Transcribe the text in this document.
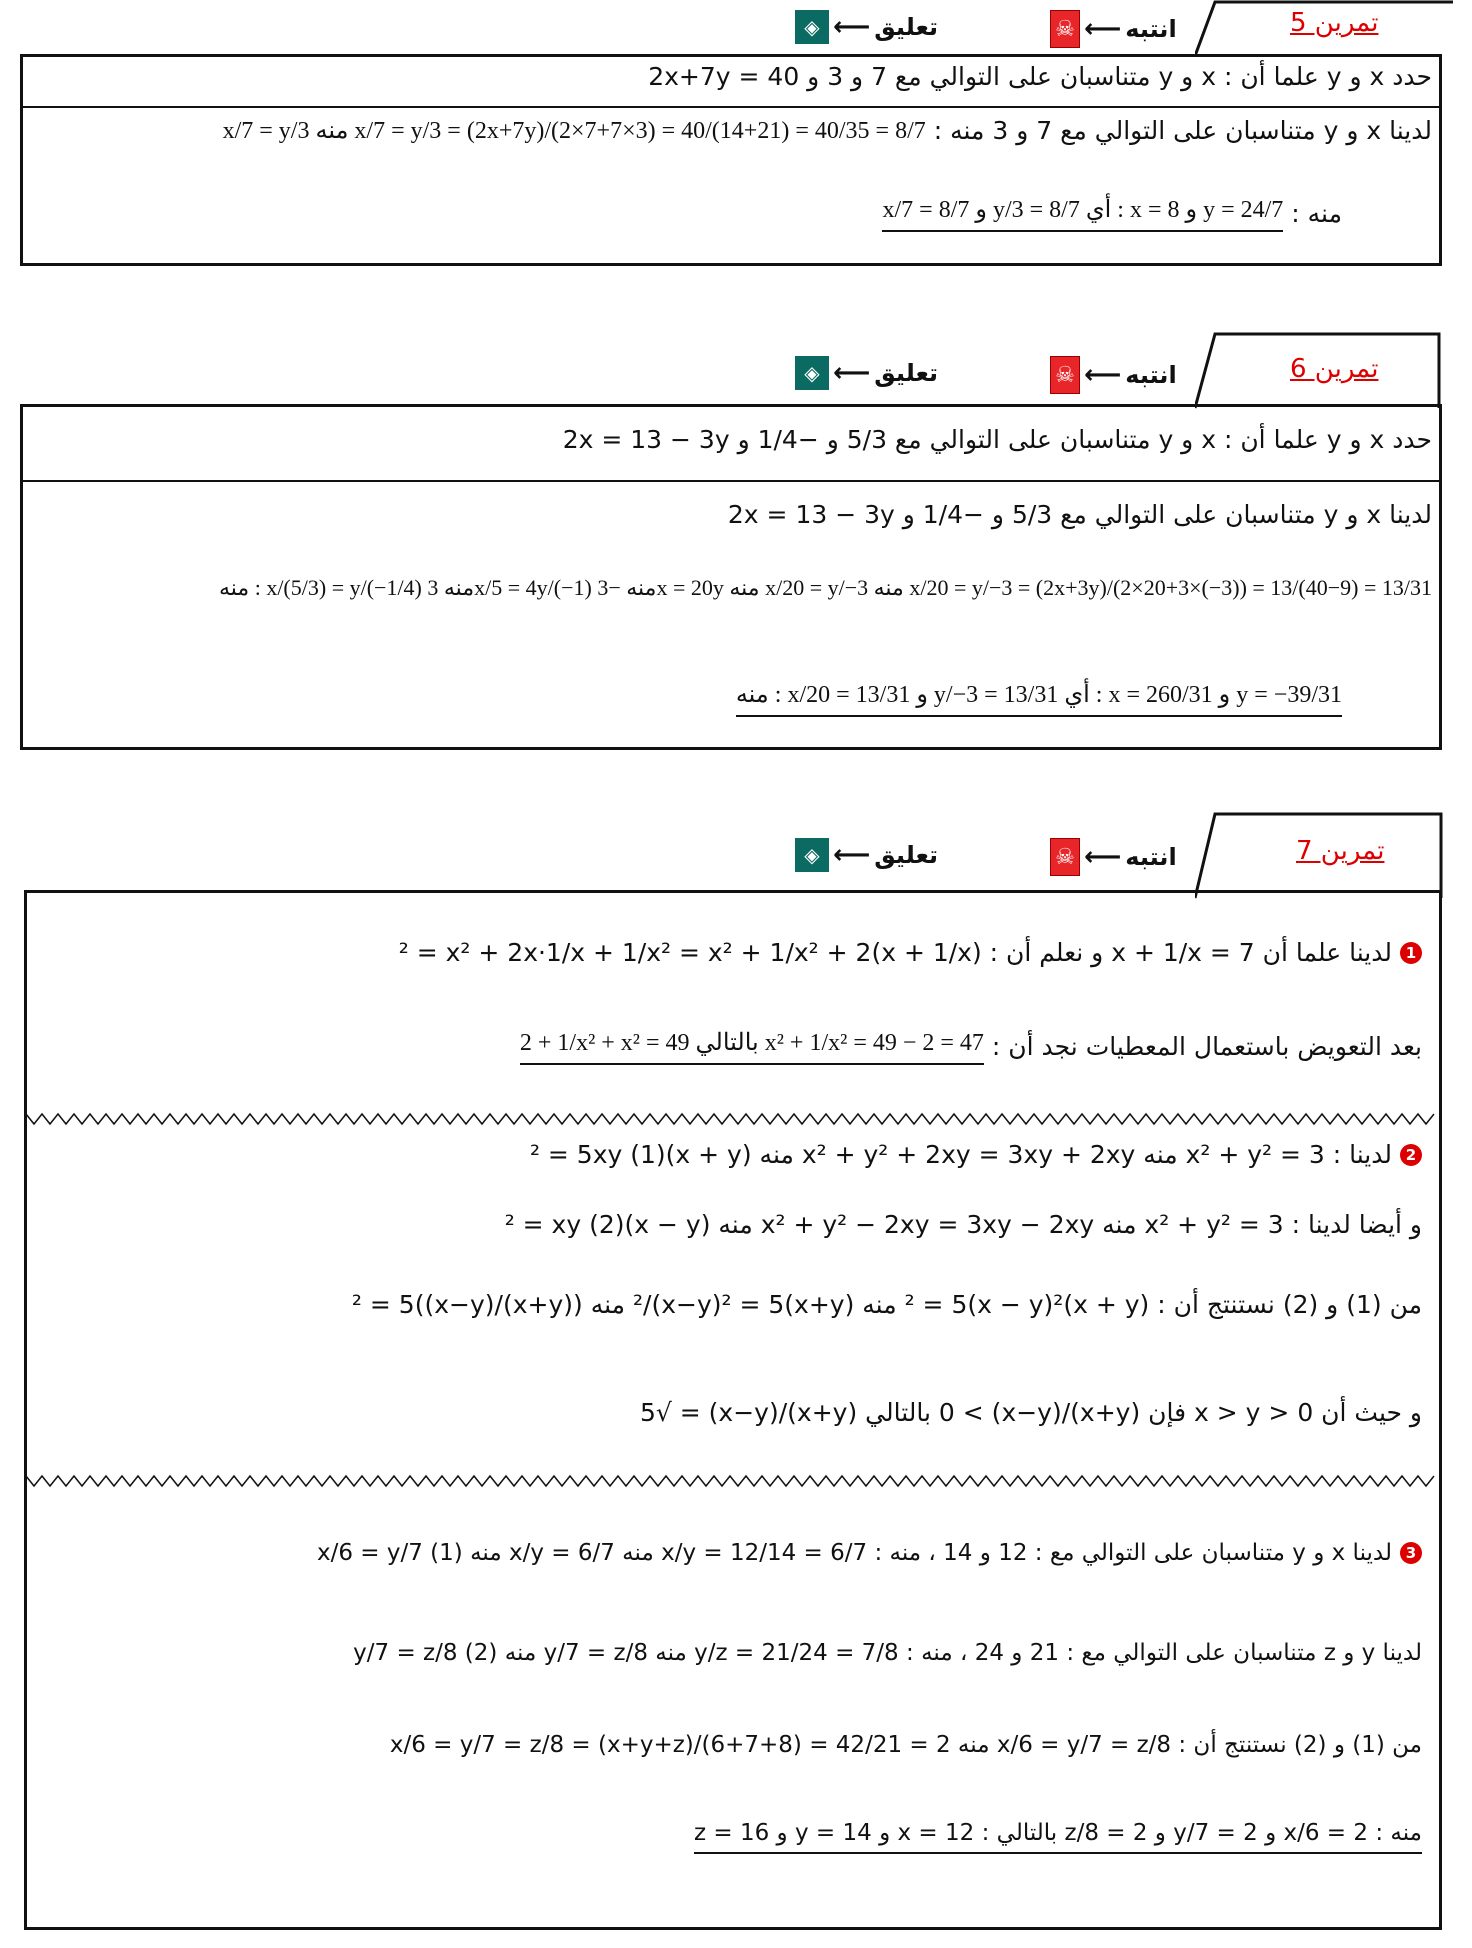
تمرين 5
☠ ⟵ انتبه
◈ ⟵ تعليق
حدد x و y علما أن : x و y متناسبان على التوالي مع 7 و 3 و 2x+7y = 40
لدينا x و y متناسبان على التوالي مع 7 و 3 منه :
x/7 = y/3 منه x/7 = y/3 = (2x+7y)/(2×7+7×3) = 40/(14+21) = 40/35 = 8/7
منه :
x/7 = 8/7 و y/3 = 8/7 أي : x = 8 و y = 24/7
تمرين 6
☠ ⟵ انتبه
◈ ⟵ تعليق
حدد x و y علما أن : x و y متناسبان على التوالي مع 5/3 و −1/4 و 2x = 13 − 3y
لدينا x و y متناسبان على التوالي مع 5/3 و −1/4 و 2x = 13 − 3y
منه : x/(5/3) = y/(−1/4) منه 3x/5 = 4y/(−1) منه −3x = 20y منه x/20 = y/−3 منه x/20 = y/−3 = (2x+3y)/(2×20+3×(−3)) = 13/(40−9) = 13/31
منه : x/20 = 13/31 و y/−3 = 13/31 أي : x = 260/31 و y = −39/31
تمرين 7
☠ ⟵ انتبه
◈ ⟵ تعليق
1
لدينا علما أن x + 1/x = 7 و نعلم أن : (x + 1/x)² = x² + 2x·1/x + 1/x² = x² + 1/x² + 2
بعد التعويض باستعمال المعطيات نجد أن :
2 + 1/x² + x² = 49 بالتالي x² + 1/x² = 49 − 2 = 47
2
لدينا : x² + y² = 3 منه x² + y² + 2xy = 3xy + 2xy منه (x + y)² = 5xy (1)
و أيضا لدينا : x² + y² = 3 منه x² + y² − 2xy = 3xy − 2xy منه (x − y)² = xy (2)
من (1) و (2) نستنتج أن : (x + y)² = 5(x − y)² منه (x+y)²/(x−y)² = 5 منه ((x+y)/(x−y))² = 5
و حيث أن x > y > 0 فإن (x+y)/(x−y) > 0 بالتالي (x+y)/(x−y) = √5
3
لدينا x و y متناسبان على التوالي مع : 12 و 14 ، منه : x/y = 12/14 = 6/7 منه x/y = 6/7 منه x/6 = y/7 (1)
لدينا y و z متناسبان على التوالي مع : 21 و 24 ، منه : y/z = 21/24 = 7/8 منه y/7 = z/8 منه y/7 = z/8 (2)
من (1) و (2) نستنتج أن : x/6 = y/7 = z/8 منه x/6 = y/7 = z/8 = (x+y+z)/(6+7+8) = 42/21 = 2
منه : x/6 = 2 و y/7 = 2 و z/8 = 2 بالتالي : x = 12 و y = 14 و z = 16
